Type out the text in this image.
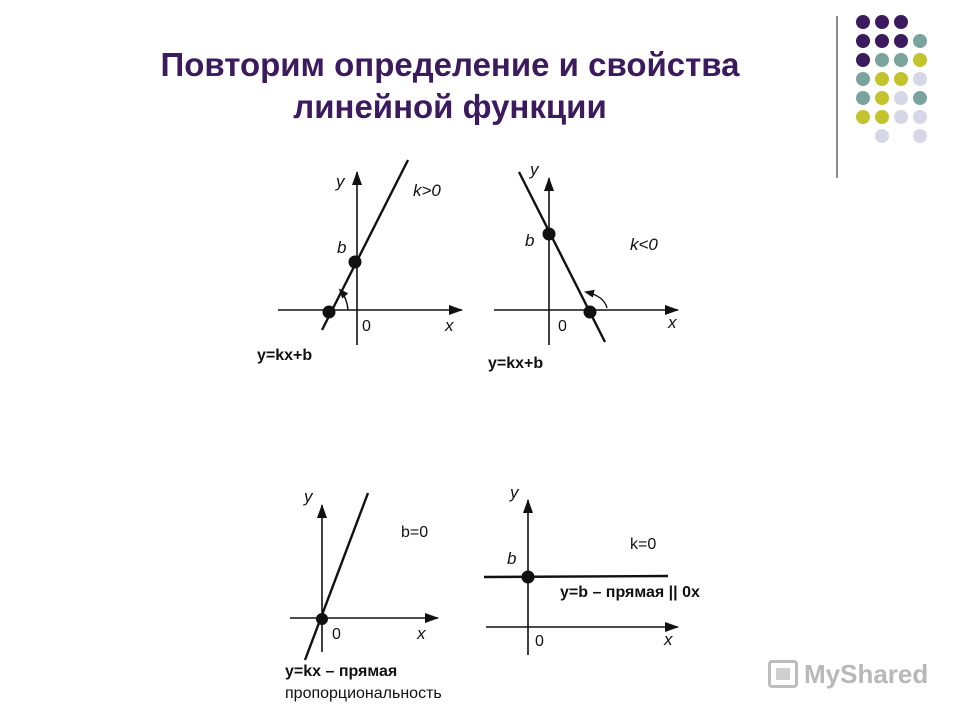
Повторим определение и свойства
линейной функции
y	k>0
b
0	x
y=kx+b
y
b	k<0
0	x
y=kx+b
y
b=0
0	x
y=kx – прямая
пропорциональность
y
b
k=0
y=b – прямая || 0x
0	x
MyShared
